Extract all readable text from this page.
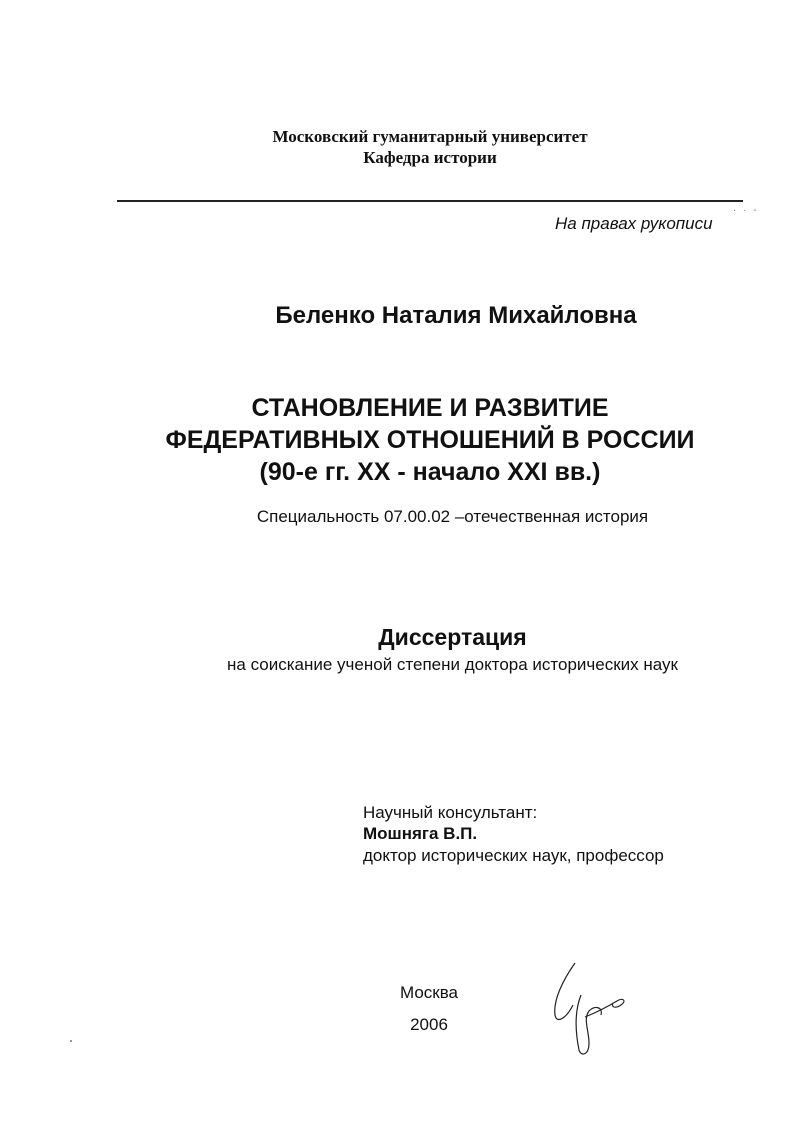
Московский гуманитарный университет
Кафедра истории
На правах рукописи
· · -
Беленко Наталия Михайловна
СТАНОВЛЕНИЕ И РАЗВИТИЕ
ФЕДЕРАТИВНЫХ ОТНОШЕНИЙ В РОССИИ
(90-е гг. XX - начало XXI вв.)
Специальность 07.00.02 –отечественная история
Диссертация
на соискание ученой степени доктора исторических наук
Научный консультант:
Мошняга В.П.
доктор исторических наук, профессор
Москва
2006
